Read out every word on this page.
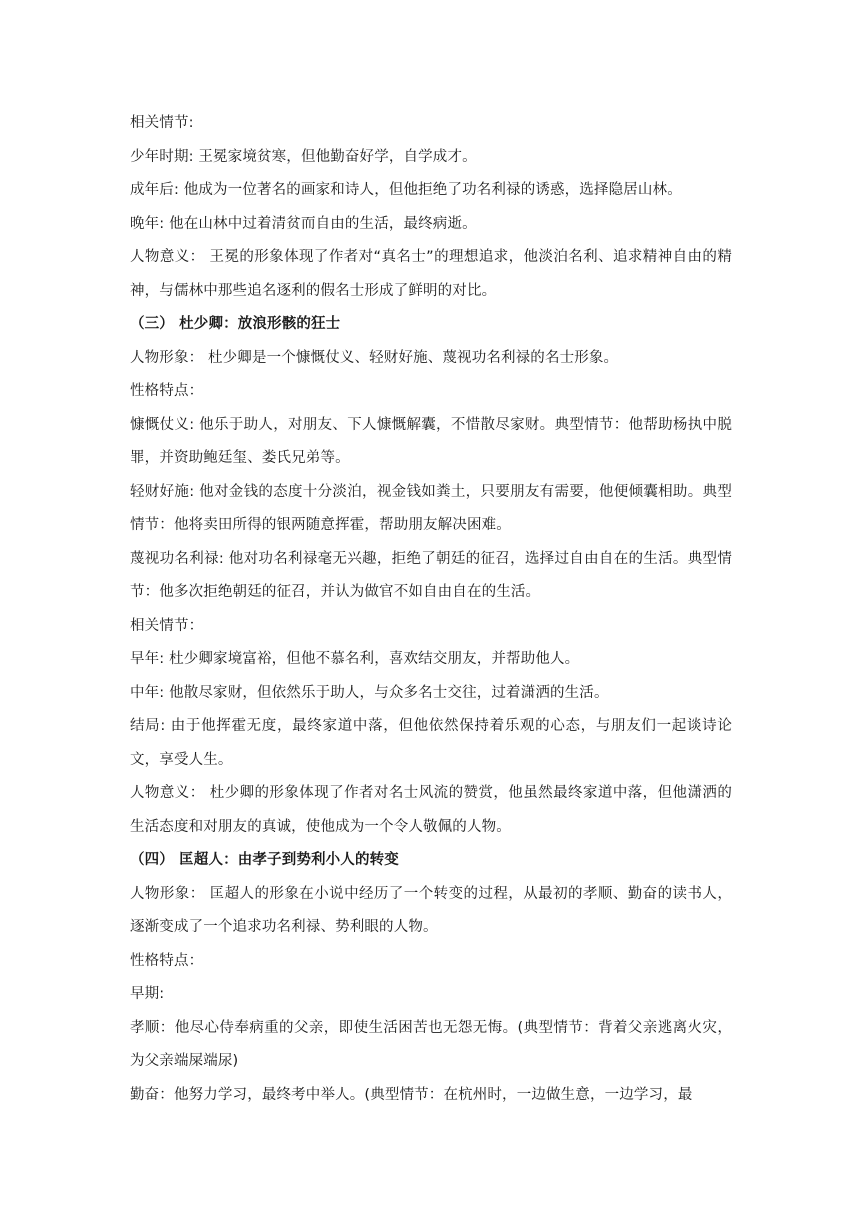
相关情节:

少年时期: 王冕家境贫寒，但他勤奋好学，自学成才。

成年后: 他成为一位著名的画家和诗人，但他拒绝了功名利禄的诱惑，选择隐居山林。

晚年: 他在山林中过着清贫而自由的生活，最终病逝。

人物意义： 王冕的形象体现了作者对“真名士”的理想追求，他淡泊名利、追求精神自由的精神，与儒林中那些追名逐利的假名士形成了鲜明的对比。

（三） 杜少卿：放浪形骸的狂士

人物形象： 杜少卿是一个慷慨仗义、轻财好施、蔑视功名利禄的名士形象。

性格特点：

慷慨仗义: 他乐于助人，对朋友、下人慷慨解囊，不惜散尽家财。典型情节：他帮助杨执中脱罪，并资助鲍廷玺、娄氏兄弟等。

轻财好施: 他对金钱的态度十分淡泊，视金钱如粪土，只要朋友有需要，他便倾囊相助。典型情节：他将卖田所得的银两随意挥霍，帮助朋友解决困难。

蔑视功名利禄: 他对功名利禄毫无兴趣，拒绝了朝廷的征召，选择过自由自在的生活。典型情节：他多次拒绝朝廷的征召，并认为做官不如自由自在的生活。

相关情节：

早年: 杜少卿家境富裕，但他不慕名利，喜欢结交朋友，并帮助他人。

中年: 他散尽家财，但依然乐于助人，与众多名士交往，过着潇洒的生活。

结局: 由于他挥霍无度，最终家道中落，但他依然保持着乐观的心态，与朋友们一起谈诗论文，享受人生。

人物意义： 杜少卿的形象体现了作者对名士风流的赞赏，他虽然最终家道中落，但他潇洒的生活态度和对朋友的真诚，使他成为一个令人敬佩的人物。

（四） 匡超人：由孝子到势利小人的转变

人物形象： 匡超人的形象在小说中经历了一个转变的过程，从最初的孝顺、勤奋的读书人，逐渐变成了一个追求功名利禄、势利眼的人物。

性格特点：

早期:

孝顺：他尽心侍奉病重的父亲，即使生活困苦也无怨无悔。(典型情节：背着父亲逃离火灾，为父亲端屎端尿)

勤奋：他努力学习，最终考中举人。(典型情节：在杭州时，一边做生意，一边学习，最
